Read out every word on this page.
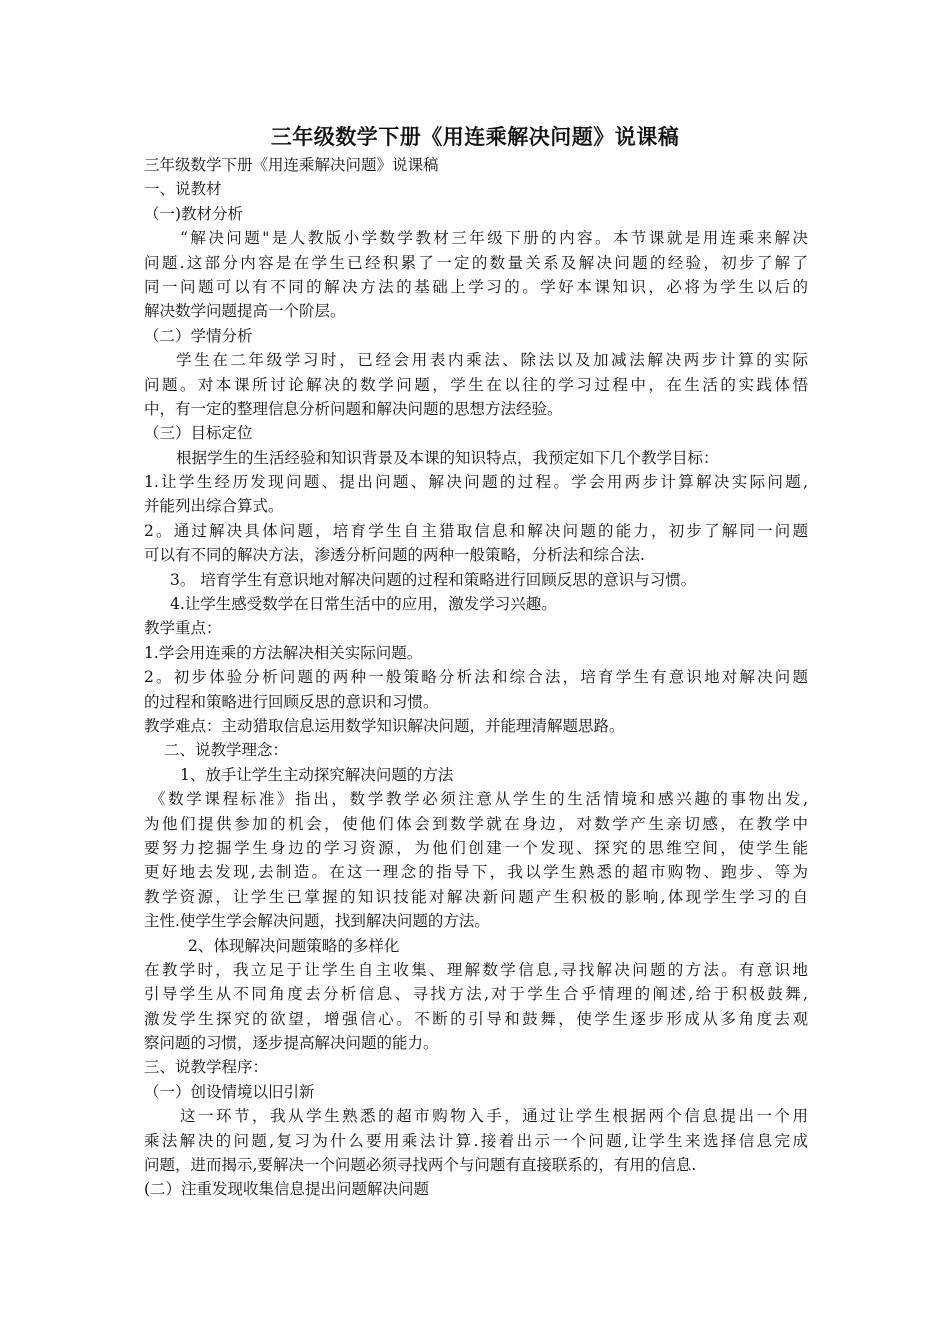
三年级数学下册《用连乘解决问题》说课稿
三年级数学下册《用连乘解决问题》说课稿
一、说教材
（一)教材分析
“解决问题"是人教版小学数学教材三年级下册的内容。本节课就是用连乘来解决
问题.这部分内容是在学生已经积累了一定的数量关系及解决问题的经验，初步了解了
同一问题可以有不同的解决方法的基础上学习的。学好本课知识，必将为学生以后的
解决数学问题提高一个阶层。
（二）学情分析
学生在二年级学习时，已经会用表内乘法、除法以及加减法解决两步计算的实际
问题。对本课所讨论解决的数学问题，学生在以往的学习过程中，在生活的实践体悟
中，有一定的整理信息分析问题和解决问题的思想方法经验。
（三）目标定位
根据学生的生活经验和知识背景及本课的知识特点，我预定如下几个教学目标：
1.让学生经历发现问题、提出问题、解决问题的过程。学会用两步计算解决实际问题,
并能列出综合算式。
2。通过解决具体问题，培育学生自主猎取信息和解决问题的能力，初步了解同一问题
可以有不同的解决方法，渗透分析问题的两种一般策略，分析法和综合法.
3。 培育学生有意识地对解决问题的过程和策略进行回顾反思的意识与习惯。
4.让学生感受数学在日常生活中的应用，激发学习兴趣。
教学重点：
1.学会用连乘的方法解决相关实际问题。
2。初步体验分析问题的两种一般策略分析法和综合法，培育学生有意识地对解决问题
的过程和策略进行回顾反思的意识和习惯。
教学难点：主动猎取信息运用数学知识解决问题，并能理清解题思路。
二、说教学理念：
1、放手让学生主动探究解决问题的方法
《数学课程标准》指出，数学教学必须注意从学生的生活情境和感兴趣的事物出发,
为他们提供参加的机会，使他们体会到数学就在身边，对数学产生亲切感，在教学中
要努力挖掘学生身边的学习资源，为他们创建一个发现、探究的思维空间，使学生能
更好地去发现,去制造。在这一理念的指导下，我以学生熟悉的超市购物、跑步、等为
教学资源，让学生已掌握的知识技能对解决新问题产生积极的影响,体现学生学习的自
主性.使学生学会解决问题，找到解决问题的方法。
2、体现解决问题策略的多样化
在教学时，我立足于让学生自主收集、理解数学信息,寻找解决问题的方法。有意识地
引导学生从不同角度去分析信息、寻找方法,对于学生合乎情理的阐述,给于积极鼓舞,
激发学生探究的欲望，增强信心。不断的引导和鼓舞，使学生逐步形成从多角度去观
察问题的习惯，逐步提高解决问题的能力。
三、说教学程序：
（一）创设情境以旧引新
这一环节，我从学生熟悉的超市购物入手，通过让学生根据两个信息提出一个用
乘法解决的问题,复习为什么要用乘法计算.接着出示一个问题,让学生来选择信息完成
问题，进而揭示,要解决一个问题必须寻找两个与问题有直接联系的，有用的信息.
(二）注重发现收集信息提出问题解决问题
